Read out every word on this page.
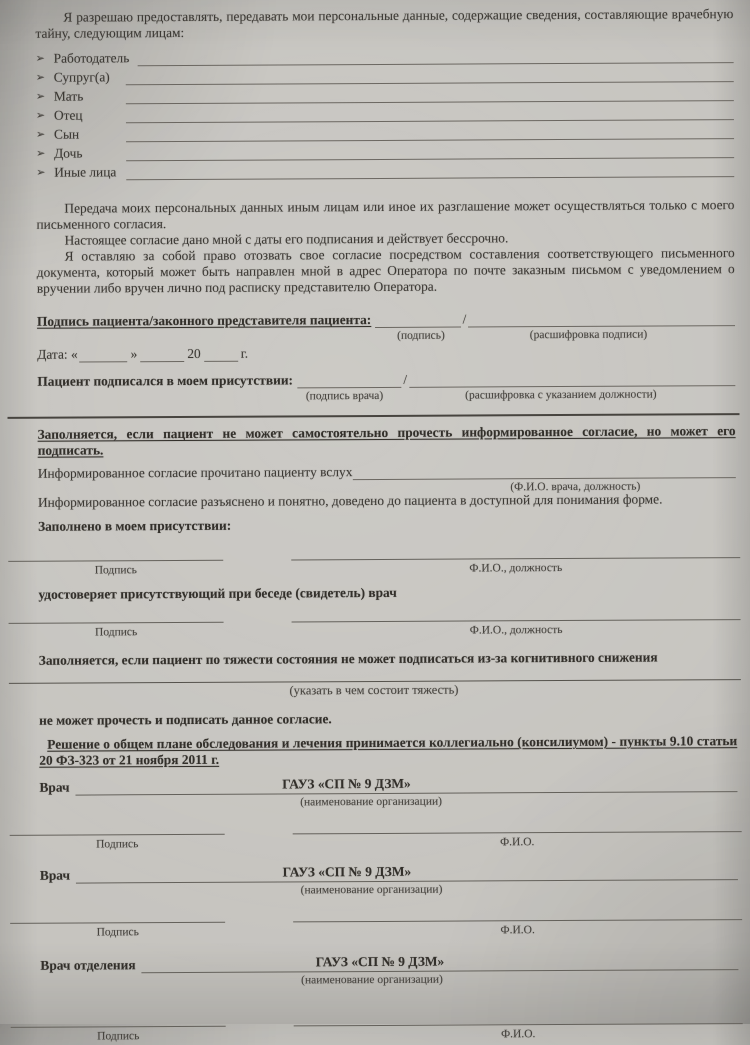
Я разрешаю предоставлять, передавать мои персональные данные, содержащие сведения, составляющие врачебную тайну, следующим лицам:

➢ Работодатель
➢ Супруг(а)
➢ Мать
➢ Отец
➢ Сын
➢ Дочь
➢ Иные лица

Передача моих персональных данных иным лицам или иное их разглашение может осуществляться только с моего письменного согласия.

Настоящее согласие дано мной с даты его подписания и действует бессрочно.

Я оставляю за собой право отозвать свое согласие посредством составления соответствующего письменного документа, который может быть направлен мной в адрес Оператора по почте заказным письмом с уведомлением о вручении либо вручен лично под расписку представителю Оператора.

Подпись пациента/законного представителя пациента:	/
(подпись)	(расшифровка подписи)
Дата: «	»	20	г.
Пациент подписался в моем присутствии:	/
(подпись врача)	(расшифровка с указанием должности)

Заполняется, если пациент не может самостоятельно прочесть информированное согласие, но может его подписать.

Информированное согласие прочитано пациенту вслух
(Ф.И.О. врача, должность)

Информированное согласие разъяснено и понятно, доведено до пациента в доступной для понимания форме.

Заполнено в моем присутствии:

Подпись	Ф.И.О., должность

удостоверяет присутствующий при беседе (свидетель) врач

Подпись	Ф.И.О., должность

Заполняется, если пациент по тяжести состояния не может подписаться из-за когнитивного снижения

(указать в чем состоит тяжесть)

не может прочесть и подписать данное согласие.

Решение о общем плане обследования и лечения принимается коллегиально (консилиумом) - пункты 9.10 статьи 20 ФЗ-323 от 21 ноября 2011 г.

Врач	ГАУЗ «СП № 9 ДЗМ»
(наименование организации)
Подпись	Ф.И.О.
Врач	ГАУЗ «СП № 9 ДЗМ»
(наименование организации)
Подпись	Ф.И.О.
Врач отделения	ГАУЗ «СП № 9 ДЗМ»
(наименование организации)
Подпись	Ф.И.О.
